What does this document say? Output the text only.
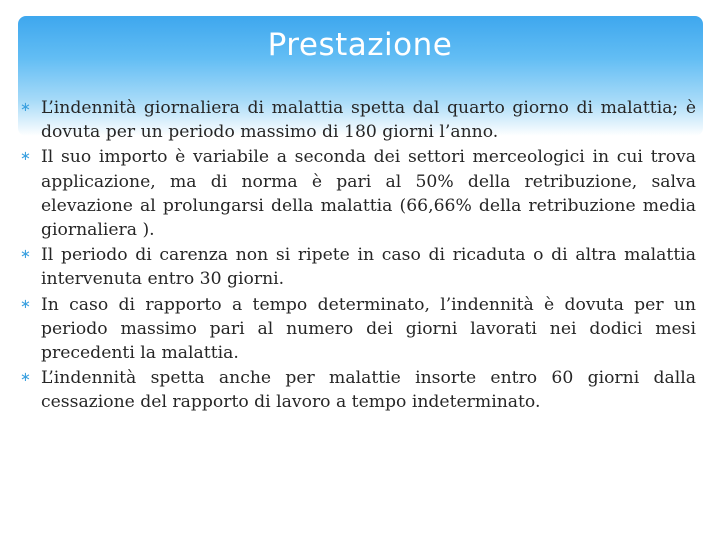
Prestazione
∗ L’indennità giornaliera di malattia spetta dal quarto giorno di malattia; è dovuta per un periodo massimo di 180 giorni l’anno.
∗ Il suo importo è variabile a seconda dei settori merceologici in cui trova applicazione, ma di norma è pari al 50% della retribuzione, salva elevazione al prolungarsi della malattia (66,66% della retribuzione media giornaliera ).
∗ Il periodo di carenza non si ripete in caso di ricaduta o di altra malattia intervenuta entro 30 giorni.
∗ In caso di rapporto a tempo determinato, l’indennità è dovuta per un periodo massimo pari al numero dei giorni lavorati nei dodici mesi precedenti la malattia.
∗ L’indennità spetta anche per malattie insorte entro 60 giorni dalla cessazione del rapporto di lavoro a tempo indeterminato.
